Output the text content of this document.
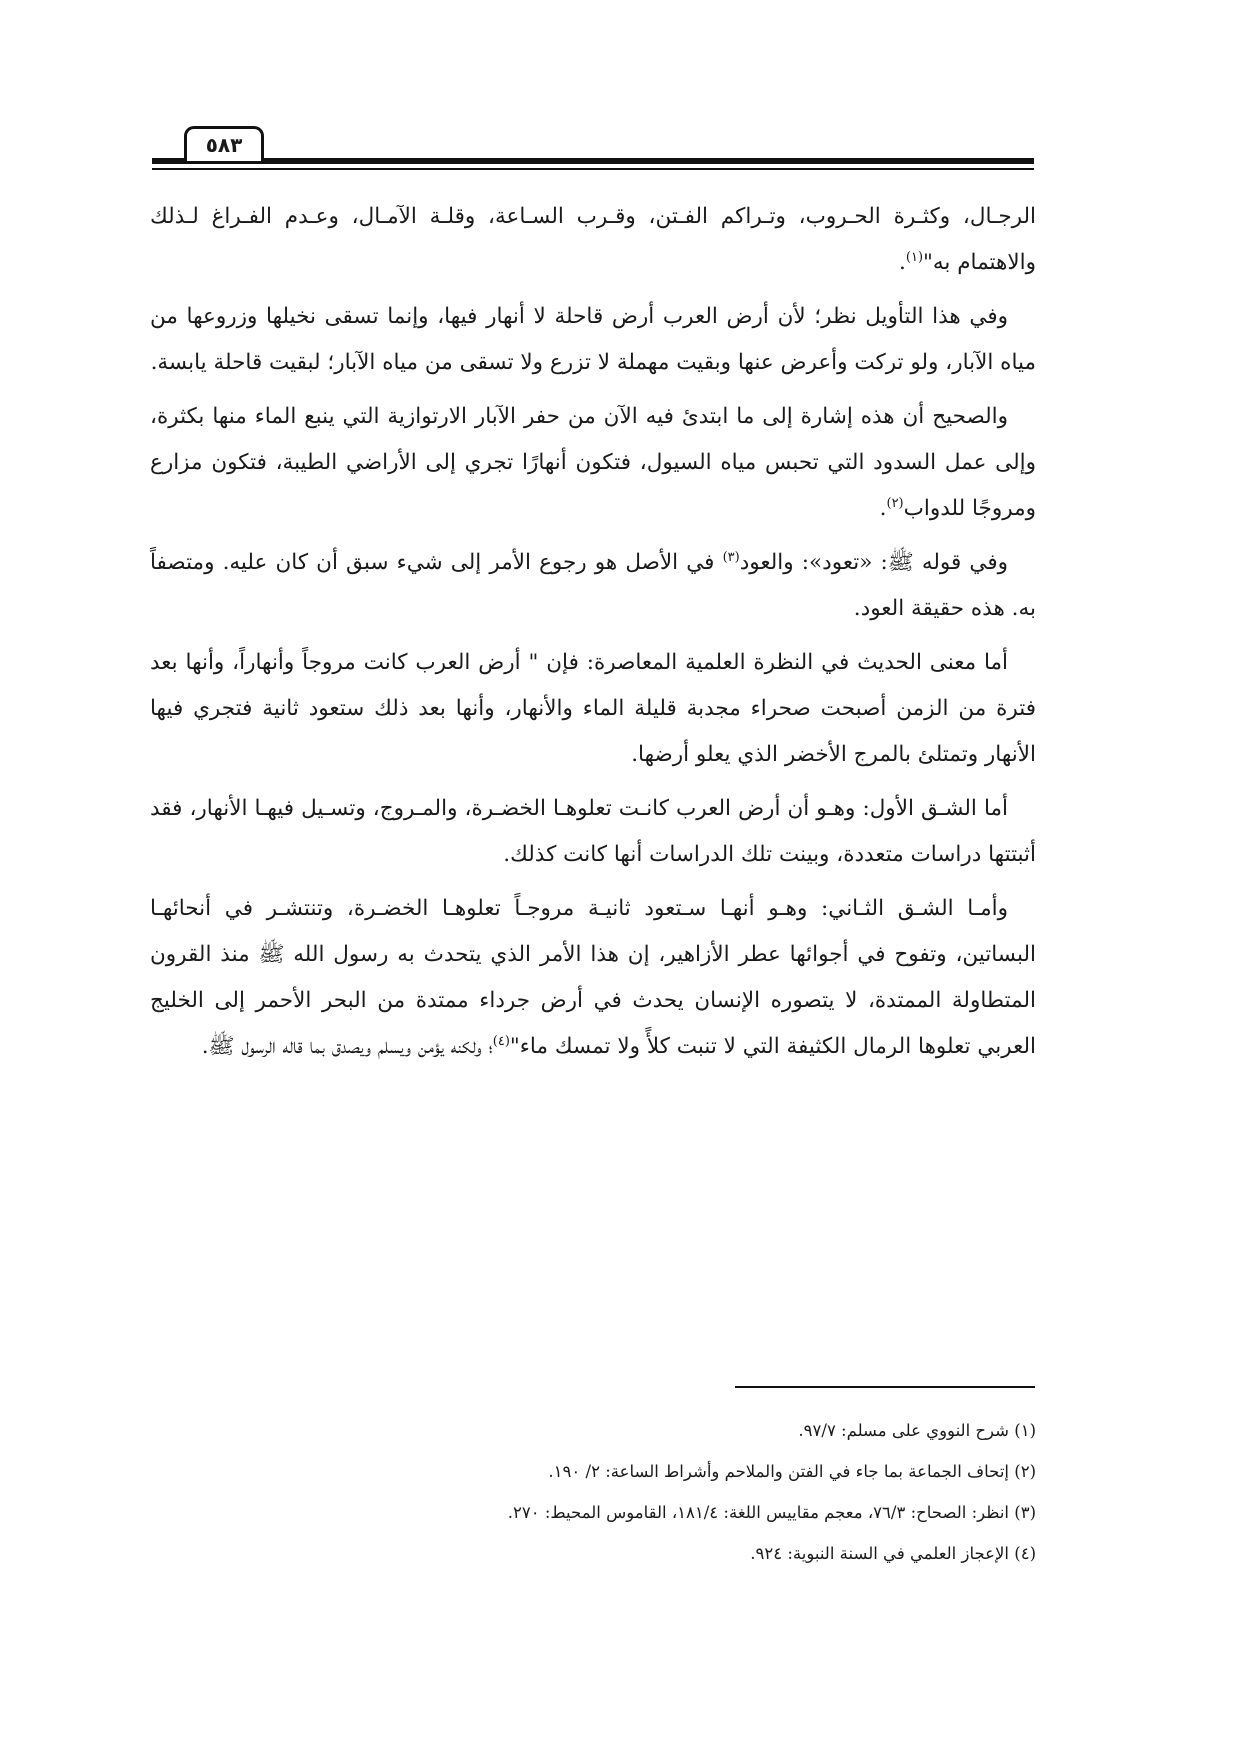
٥٨٣

الرجـال، وكثـرة الحـروب، وتـراكم الفـتن، وقـرب السـاعة، وقلـة الآمـال، وعـدم الفـراغ لـذلك والاهتمام به"$^{(١)}$.

وفي هذا التأويل نظر؛ لأن أرض العرب أرض قاحلة لا أنهار فيها، وإنما تسقى نخيلها وزروعها من مياه الآبار، ولو تركت وأعرض عنها وبقيت مهملة لا تزرع ولا تسقى من مياه الآبار؛ لبقيت قاحلة يابسة.

والصحيح أن هذه إشارة إلى ما ابتدئ فيه الآن من حفر الآبار الارتوازية التي ينبع الماء منها بكثرة، وإلى عمل السدود التي تحبس مياه السيول، فتكون أنهارًا تجري إلى الأراضي الطيبة، فتكون مزارع ومروجًا للدواب$^{(٢)}$.

وفي قوله ﷺ: «تعود»: والعود$^{(٣)}$ في الأصل هو رجوع الأمر إلى شيء سبق أن كان عليه. ومتصفاً به. هذه حقيقة العود.

أما معنى الحديث في النظرة العلمية المعاصرة: فإن " أرض العرب كانت مروجاً وأنهاراً، وأنها بعد فترة من الزمن أصبحت صحراء مجدبة قليلة الماء والأنهار، وأنها بعد ذلك ستعود ثانية فتجري فيها الأنهار وتمتلئ بالمرج الأخضر الذي يعلو أرضها.

أما الشـق الأول: وهـو أن أرض العرب كانـت تعلوهـا الخضـرة، والمـروج، وتسـيل فيهـا الأنهار، فقد أثبتتها دراسات متعددة، وبينت تلك الدراسات أنها كانت كذلك.

وأمـا الشـق الثـاني: وهـو أنهـا سـتعود ثانيـة مروجـاً تعلوهـا الخضـرة، وتنتشـر في أنحائهـا البساتين، وتفوح في أجوائها عطر الأزاهير، إن هذا الأمر الذي يتحدث به رسول الله ﷺ منذ القرون المتطاولة الممتدة، لا يتصوره الإنسان يحدث في أرض جرداء ممتدة من البحر الأحمر إلى الخليج العربي تعلوها الرمال الكثيفة التي لا تنبت كلأً ولا تمسك ماء"$^{(٤)}$؛ ولكنه يؤمن ويسلم ويصدق بما قاله الرسول ﷺ.

(١) شرح النووي على مسلم: ٩٧/٧.

(٢) إتحاف الجماعة بما جاء في الفتن والملاحم وأشراط الساعة: ٢/ ١٩٠.

(٣) انظر: الصحاح: ٧٦/٣، معجم مقاييس اللغة: ١٨١/٤، القاموس المحيط: ٢٧٠.

(٤) الإعجاز العلمي في السنة النبوية: ٩٢٤.
